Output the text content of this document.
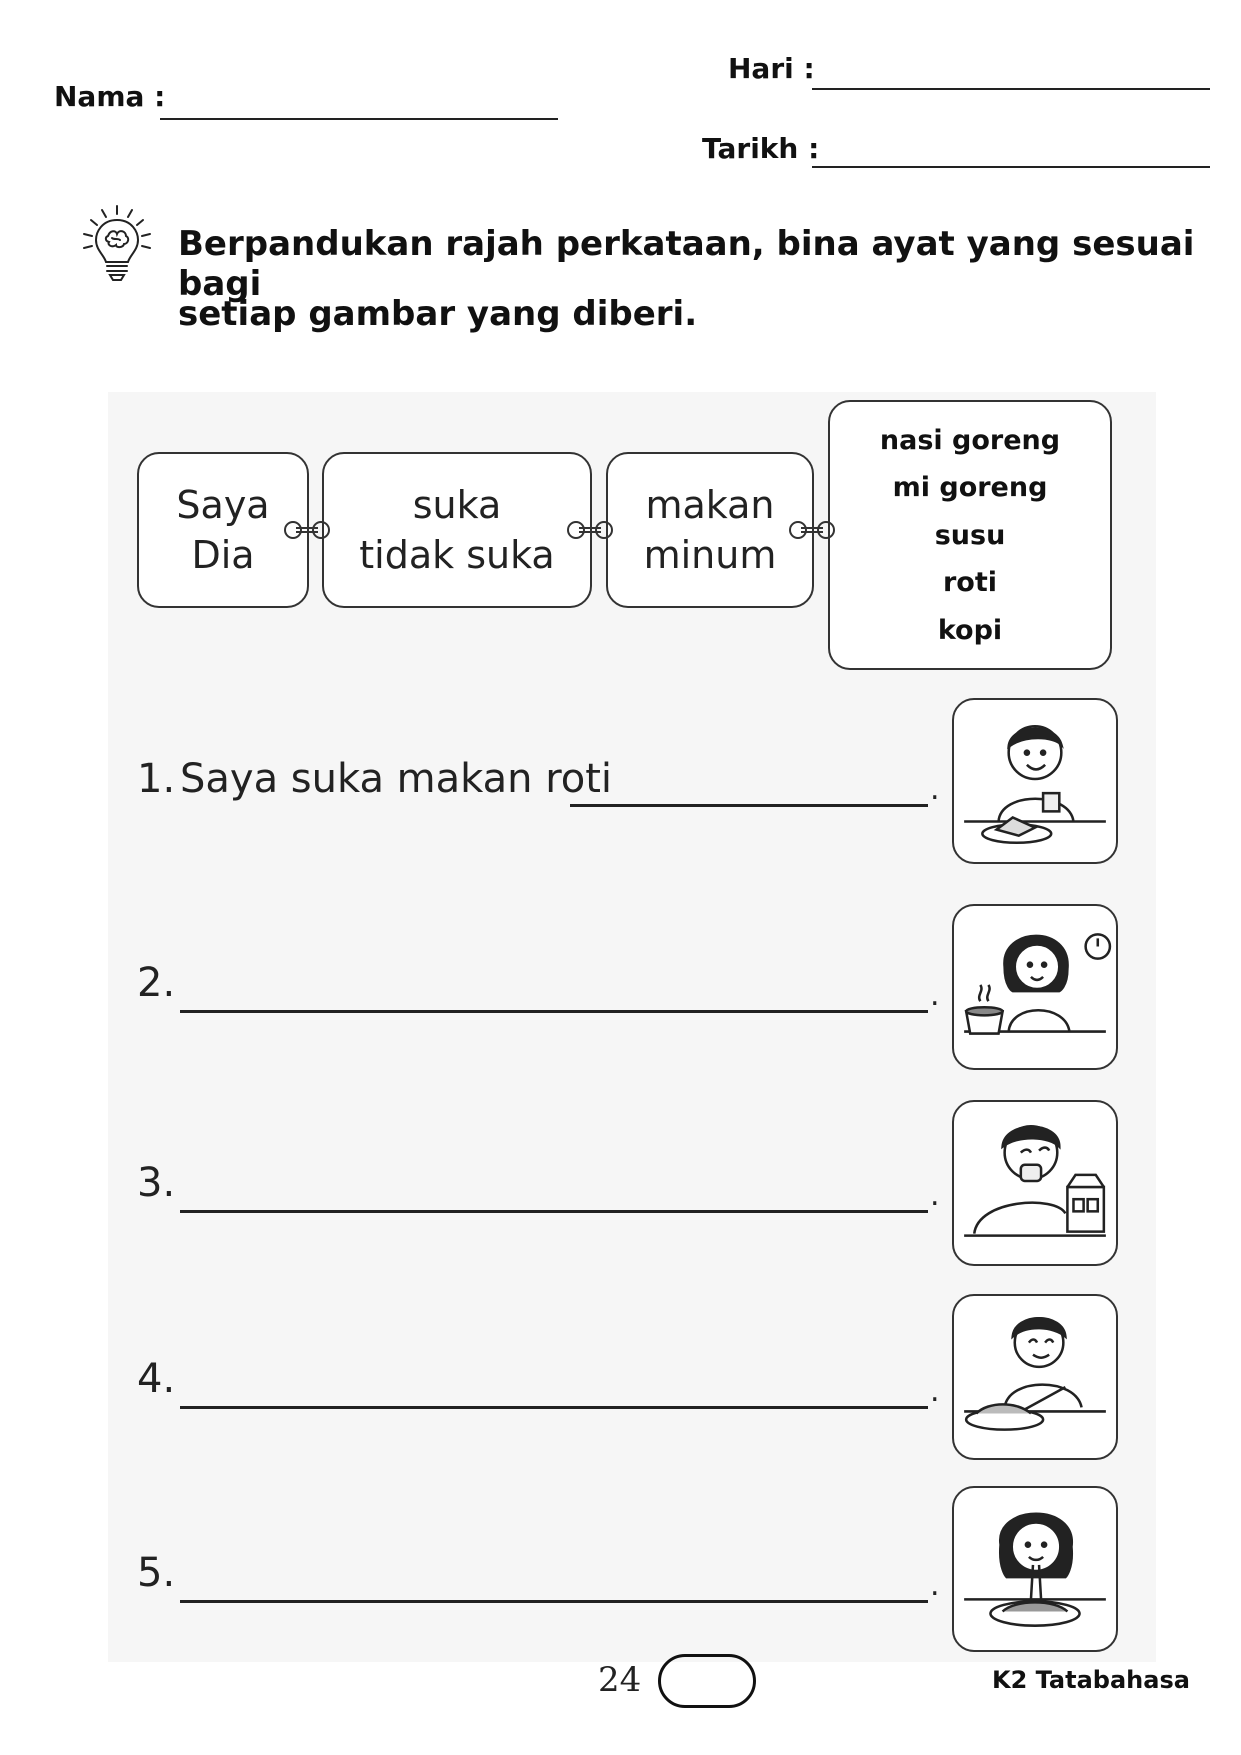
Nama :
Hari :
Tarikh :
Berpandukan rajah perkataan, bina ayat yang sesuai bagi
setiap gambar yang diberi.
Saya
Dia
suka
tidak suka
makan
minum
nasi goreng
mi goreng
susu
roti
kopi
1. Saya suka makan roti	.
2.	.
3.	.
4.	.
5.	.
24	K2 Tatabahasa
